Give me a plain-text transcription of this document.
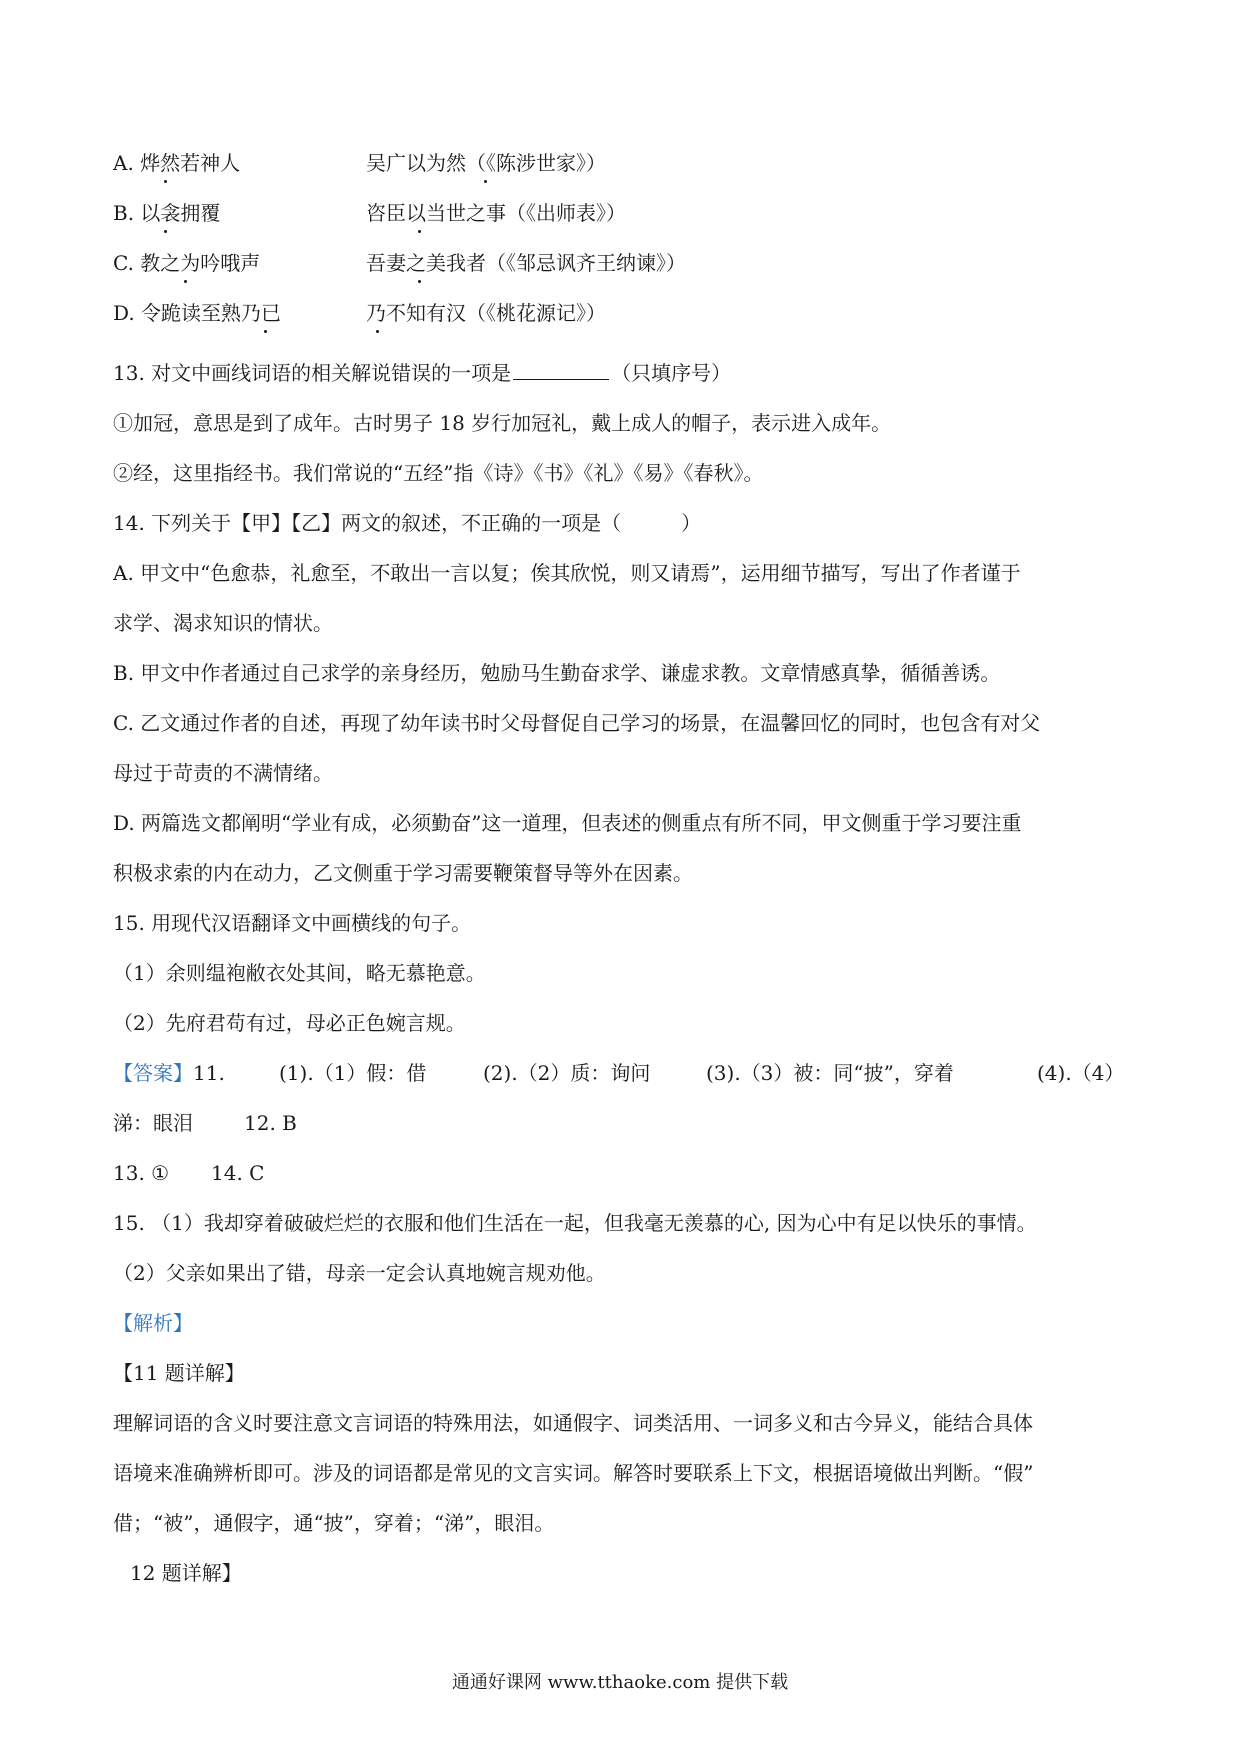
A. 烨然若神人	吴广以为然（《陈涉世家》）
B. 以衾拥覆	咨臣以当世之事（《出师表》）
C. 教之为吟哦声	吾妻之美我者（《邹忌讽齐王纳谏》）
D. 令跪读至熟乃已	乃不知有汉（《桃花源记》）
13. 对文中画线词语的相关解说错误的一项是	（只填序号）
①加冠，意思是到了成年。古时男子 18 岁行加冠礼，戴上成人的帽子，表示进入成年。
②经，这里指经书。我们常说的“五经”指《诗》《书》《礼》《易》《春秋》。
14. 下列关于【甲】【乙】两文的叙述，不正确的一项是（　　　）
A. 甲文中“色愈恭，礼愈至，不敢出一言以复；俟其欣悦，则又请焉”，运用细节描写，写出了作者谨于
求学、渴求知识的情状。
B. 甲文中作者通过自己求学的亲身经历，勉励马生勤奋求学、谦虚求教。文章情感真挚，循循善诱。
C. 乙文通过作者的自述，再现了幼年读书时父母督促自己学习的场景，在温馨回忆的同时，也包含有对父
母过于苛责的不满情绪。
D. 两篇选文都阐明“学业有成，必须勤奋”这一道理，但表述的侧重点有所不同，甲文侧重于学习要注重
积极求索的内在动力，乙文侧重于学习需要鞭策督导等外在因素。
15. 用现代汉语翻译文中画横线的句子。
（1）余则缊袍敝衣处其间，略无慕艳意。
（2）先府君苟有过，母必正色婉言规。
【答案】11.	(1).（1）假：借	(2).（2）质：询问	(3).（3）被：同“披”，穿着	(4).（4）
涕：眼泪	12. B
13. ① 14. C
15. （1）我却穿着破破烂烂的衣服和他们生活在一起，但我毫无羡慕的心, 因为心中有足以快乐的事情。
（2）父亲如果出了错，母亲一定会认真地婉言规劝他。
【解析】
【11 题详解】
理解词语的含义时要注意文言词语的特殊用法，如通假字、词类活用、一词多义和古今异义，能结合具体
语境来准确辨析即可。涉及的词语都是常见的文言实词。解答时要联系上下文，根据语境做出判断。“假”
借；“被”，通假字，通“披”，穿着；“涕”，眼泪。
12 题详解】
通通好课网 www.tthaoke.com 提供下载
